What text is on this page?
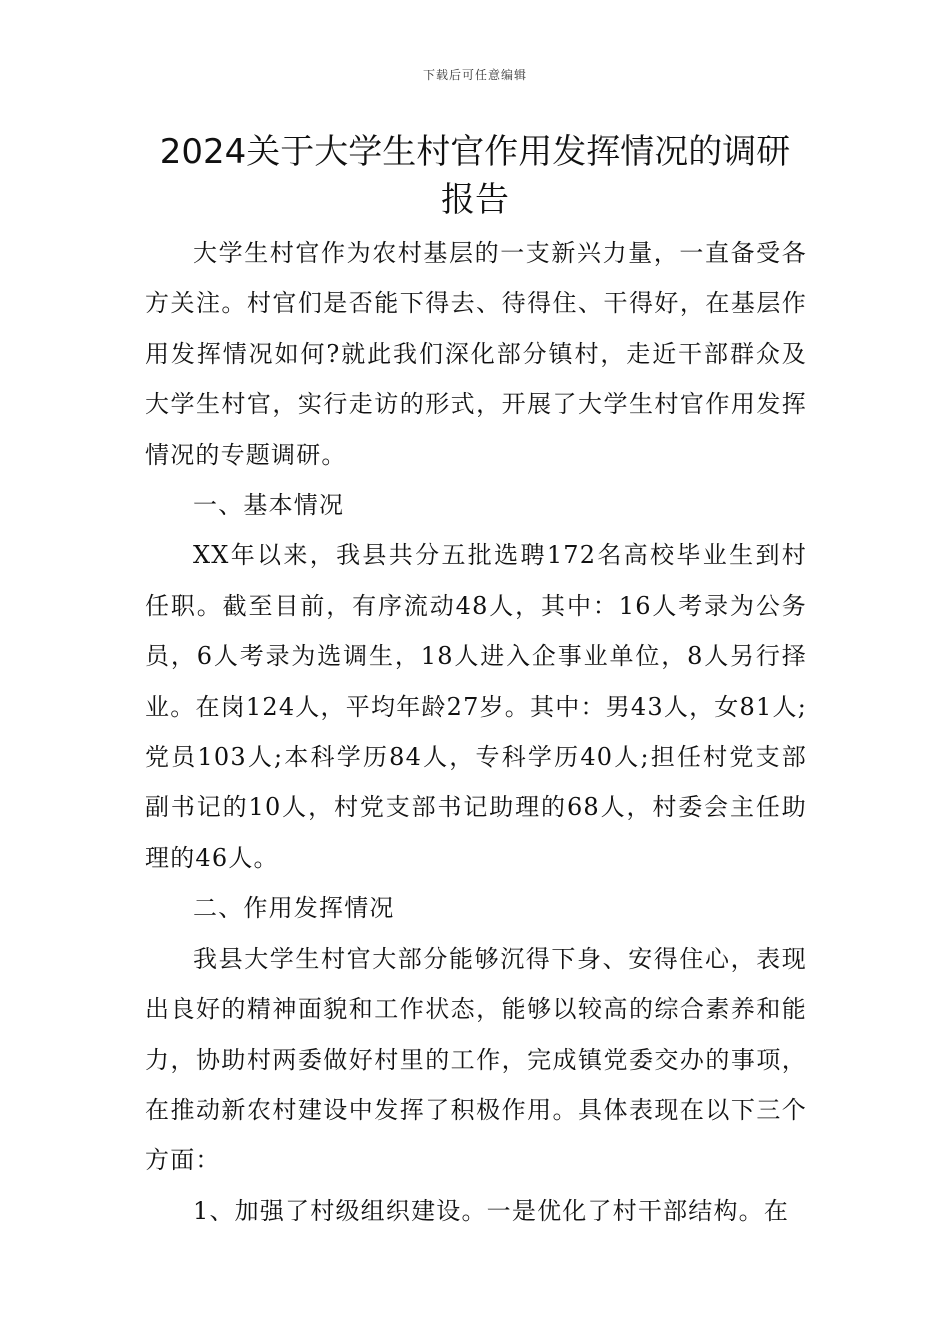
下载后可任意编辑
2024关于大学生村官作用发挥情况的调研
报告

大学生村官作为农村基层的一支新兴力量，一直备受各方关注。村官们是否能下得去、待得住、干得好，在基层作用发挥情况如何?就此我们深化部分镇村，走近干部群众及大学生村官，实行走访的形式，开展了大学生村官作用发挥情况的专题调研。

一、基本情况

XX年以来，我县共分五批选聘172名高校毕业生到村任职。截至目前，有序流动48人，其中：16人考录为公务员，6人考录为选调生，18人进入企事业单位，8人另行择业。在岗124人，平均年龄27岁。其中：男43人，女81人;党员103人;本科学历84人，专科学历40人;担任村党支部副书记的10人，村党支部书记助理的68人，村委会主任助理的46人。

二、作用发挥情况

我县大学生村官大部分能够沉得下身、安得住心，表现出良好的精神面貌和工作状态，能够以较高的综合素养和能力，协助村两委做好村里的工作，完成镇党委交办的事项，在推动新农村建设中发挥了积极作用。具体表现在以下三个方面：

1、加强了村级组织建设。一是优化了村干部结构。在
